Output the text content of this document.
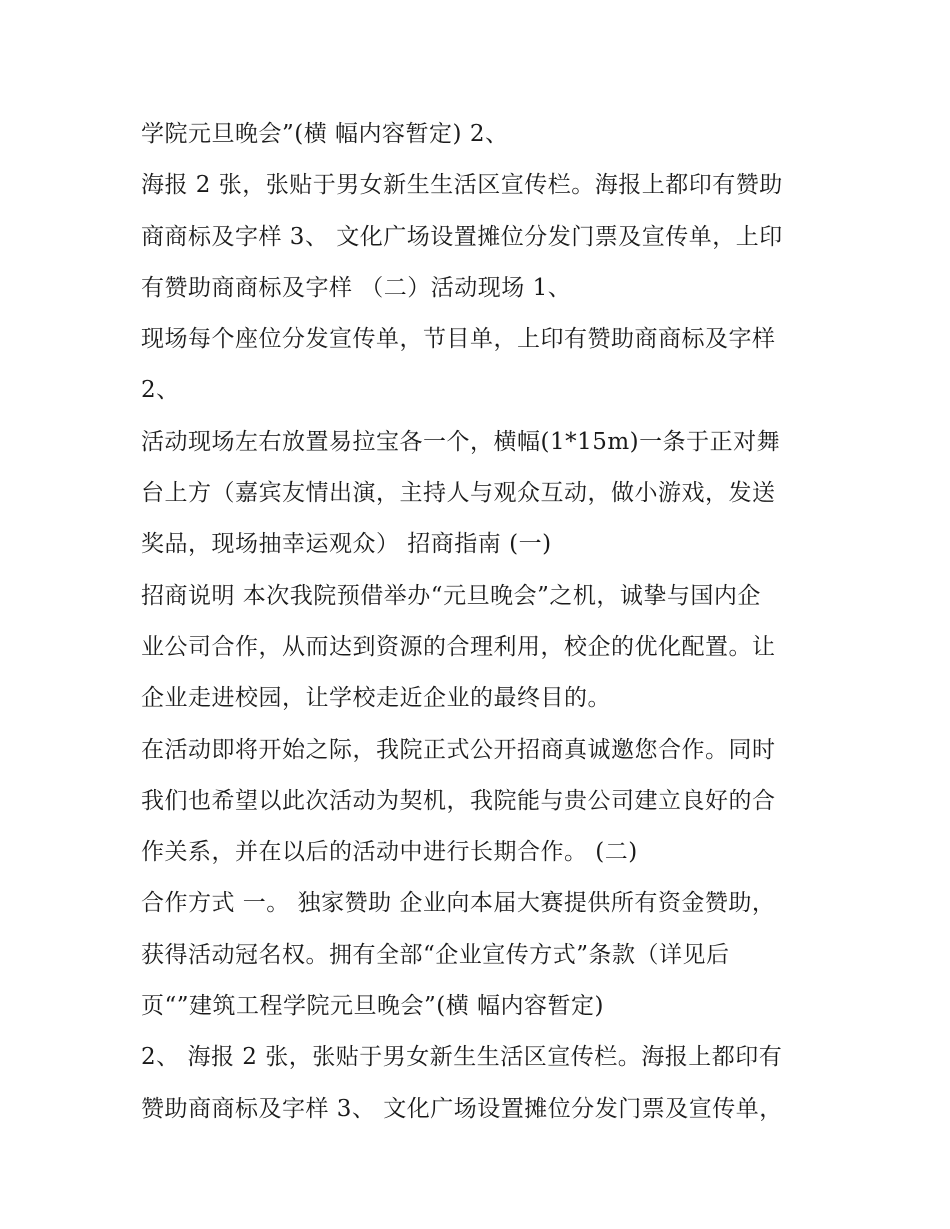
学院元旦晚会”(横 幅内容暂定) 2、
海报 2 张，张贴于男女新生生活区宣传栏。海报上都印有赞助
商商标及字样 3、 文化广场设置摊位分发门票及宣传单，上印
有赞助商商标及字样 （二）活动现场 1、
现场每个座位分发宣传单，节目单，上印有赞助商商标及字样
2、
活动现场左右放置易拉宝各一个，横幅(1*15m)一条于正对舞
台上方（嘉宾友情出演，主持人与观众互动，做小游戏，发送
奖品，现场抽幸运观众） 招商指南 (一)
招商说明 本次我院预借举办“元旦晚会”之机，诚挚与国内企
业公司合作，从而达到资源的合理利用，校企的优化配置。让
企业走进校园，让学校走近企业的最终目的。
在活动即将开始之际，我院正式公开招商真诚邀您合作。同时
我们也希望以此次活动为契机，我院能与贵公司建立良好的合
作关系，并在以后的活动中进行长期合作。 (二)
合作方式 一。 独家赞助 企业向本届大赛提供所有资金赞助，
获得活动冠名权。拥有全部“企业宣传方式”条款（详见后
页“”建筑工程学院元旦晚会”(横 幅内容暂定)
2、 海报 2 张，张贴于男女新生生活区宣传栏。海报上都印有
赞助商商标及字样 3、 文化广场设置摊位分发门票及宣传单，
